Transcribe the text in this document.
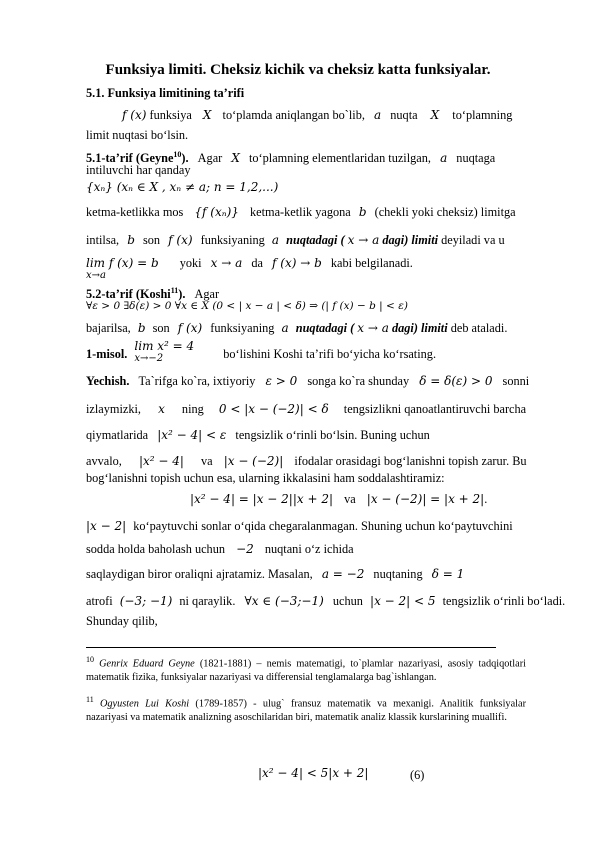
Funksiya limiti. Cheksiz kichik va cheksiz katta funksiyalar.
5.1. Funksiya limitining ta’rifi
f (x) funksiya X to‘plamda aniqlangan bo`lib, a nuqta X to‘plamning
limit nuqtasi bo‘lsin.
5.1-ta’rif (Geyne$^{10}$). Agar X to‘plamning elementlaridan tuzilgan, a nuqtaga
intiluvchi har qanday
{xₙ} (xₙ ∈ X , xₙ ≠ a; n = 1,2,...)
ketma-ketlikka mos {f (xₙ)} ketma-ketlik yagona b (chekli yoki cheksiz) limitga
intilsa, b son f (x) funksiyaning a nuqtadagi ( x → a dagi) limiti deyiladi va u
lim f (x) = b
x→a
yoki x → a da f (x) → b kabi belgilanadi.
5.2-ta’rif (Koshi$^{11}$). Agar
∀ε > 0 ∃δ(ε) > 0 ∀x ∈ X (0 < | x − a | < δ) ⇒ (| f (x) − b | < ε)
bajarilsa, b son f (x) funksiyaning a nuqtadagi ( x → a dagi) limiti deb ataladi.
1-misol. lim x² = 4
x→−2	bo‘lishini Koshi ta’rifi bo‘yicha ko‘rsating.
Yechish. Ta`rifga ko`ra, ixtiyoriy ε > 0 songa ko`ra shunday δ = δ(ε) > 0 sonni
izlaymizki, x ning 0 < |x − (−2)| < δ tengsizlikni qanoatlantiruvchi barcha
qiymatlarida |x² − 4| < ε tengsizlik o‘rinli bo‘lsin. Buning uchun
avvalo, |x² − 4| va |x − (−2)| ifodalar orasidagi bog‘lanishni topish zarur. Bu
bog‘lanishni topish uchun esa, ularning ikkalasini ham soddalashtiramiz:
|x² − 4| = |x − 2||x + 2| va |x − (−2)| = |x + 2|.
|x − 2| ko‘paytuvchi sonlar o‘qida chegaralanmagan. Shuning uchun ko‘paytuvchini
sodda holda baholash uchun −2 nuqtani o‘z ichida
saqlaydigan biror oraliqni ajratamiz. Masalan, a = −2 nuqtaning δ = 1
atrofi (−3; −1) ni qaraylik. ∀x ∈ (−3;−1) uchun |x − 2| < 5 tengsizlik o‘rinli bo‘ladi.
Shunday qilib,
$^{10}$ Genrix Eduard Geyne (1821-1881) – nemis matematigi, to`plamlar nazariyasi, asosiy tadqiqotlari matematik fizika, funksiyalar nazariyasi va differensial tenglamalarga bag`ishlangan.
$^{11}$ Ogyusten Lui Koshi (1789-1857) - ulug` fransuz matematik va mexanigi. Analitik funksiyalar nazariyasi va matematik analizning asoschilaridan biri, matematik analiz klassik kurslarining muallifi.
|x² − 4| < 5|x + 2|	(6)
